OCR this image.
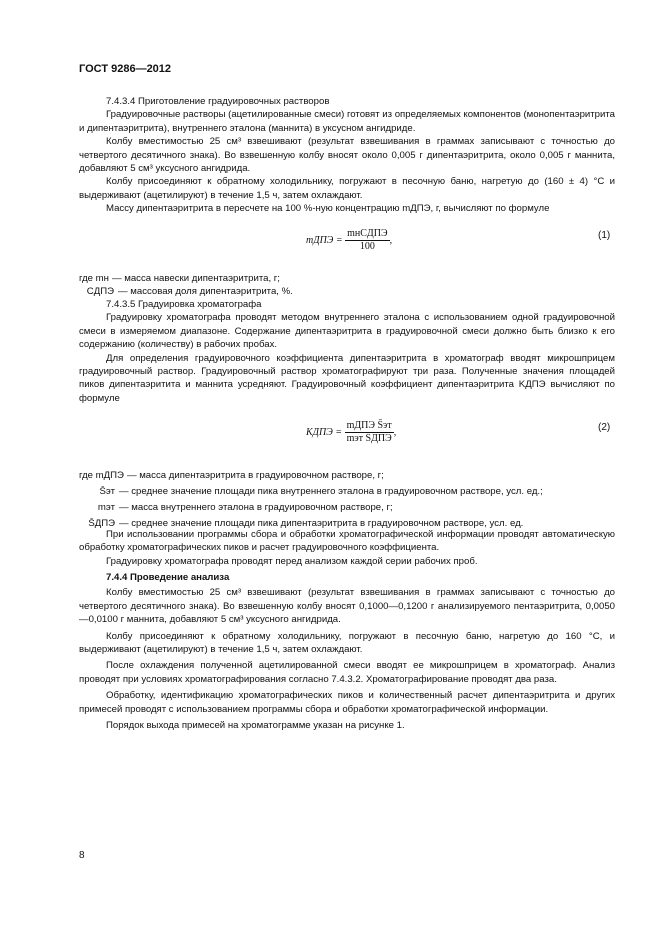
ГОСТ 9286—2012

7.4.3.4 Приготовление градуировочных растворов

Градуировочные растворы (ацетилированные смеси) готовят из определяемых компонентов (монопентаэритрита и дипентаэритрита), внутреннего эталона (маннита) в уксусном ангидриде.

Колбу вместимостью 25 см³ взвешивают (результат взвешивания в граммах записывают с точностью до четвертого десятичного знака). Во взвешенную колбу вносят около 0,005 г дипентаэритрита, около 0,005 г маннита, добавляют 5 см³ уксусного ангидрида.

Колбу присоединяют к обратному холодильнику, погружают в песочную баню, нагретую до (160 ± 4) °С и выдерживают (ацетилируют) в течение 1,5 ч, затем охлаждают.

Массу дипентаэритрита в пересчете на 100 %-ную концентрацию mДПЭ, г, вычисляют по формуле

mДПЭ = $\frac{\text{mнCДПЭ}}{100}$ ,	(1)
где mн — масса навески дипентаэритрита, г;
CДПЭ — массовая доля дипентаэритрита, %.

7.4.3.5 Градуировка хроматографа

Градуировку хроматографа проводят методом внутреннего эталона с использованием одной градуировочной смеси в измеряемом диапазоне. Содержание дипентаэритрита в градуировочной смеси должно быть близко к его содержанию (количеству) в рабочих пробах.

Для определения градуировочного коэффициента дипентаэритрита в хроматограф вводят микрошприцем градуировочный раствор. Градуировочный раствор хроматографируют три раза. Полученные значения площадей пиков дипентаэритита и маннита усредняют. Градуировочный коэффициент дипентаэритрита KДПЭ вычисляют по формуле

KДПЭ = $\frac{\text{mДПЭ S̄эт}}{\text{mэт S̄ДПЭ}}$ ,	(2)
где mДПЭ — масса дипентаэритрита в градуировочном растворе, г;
S̄эт — среднее значение площади пика внутреннего эталона в градуировочном растворе, усл. ед.;
mэт — масса внутреннего эталона в градуировочном растворе, г;
S̄ДПЭ — среднее значение площади пика дипентаэритрита в градуировочном растворе, усл. ед.

При использовании программы сбора и обработки хроматографической информации проводят автоматическую обработку хроматографических пиков и расчет градуировочного коэффициента.

Градуировку хроматографа проводят перед анализом каждой серии рабочих проб.

7.4.4 Проведение анализа

Колбу вместимостью 25 см³ взвешивают (результат взвешивания в граммах записывают с точностью до четвертого десятичного знака). Во взвешенную колбу вносят 0,1000—0,1200 г анализируемого пентаэритрита, 0,0050—0,0100 г маннита, добавляют 5 см³ уксусного ангидрида.

Колбу присоединяют к обратному холодильнику, погружают в песочную баню, нагретую до 160 °С, и выдерживают (ацетилируют) в течение 1,5 ч, затем охлаждают.

После охлаждения полученной ацетилированной смеси вводят ее микрошприцем в хроматограф. Анализ проводят при условиях хроматографирования согласно 7.4.3.2. Хроматографирование проводят два раза.

Обработку, идентификацию хроматографических пиков и количественный расчет дипентаэритрита и других примесей проводят с использованием программы сбора и обработки хроматографической информации.

Порядок выхода примесей на хроматограмме указан на рисунке 1.

8
